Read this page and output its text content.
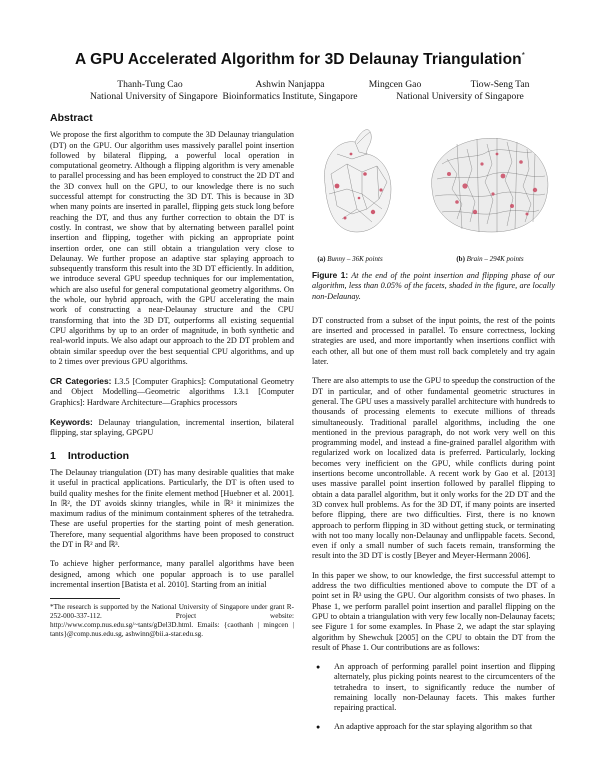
A GPU Accelerated Algorithm for 3D Delaunay Triangulation*
Thanh-Tung Cao
National University of Singapore
Ashwin Nanjappa
Bioinformatics Institute, Singapore
Mingcen Gao	Tiow-Seng Tan
National University of Singapore

Abstract

We propose the first algorithm to compute the 3D Delaunay triangulation (DT) on the GPU. Our algorithm uses massively parallel point insertion followed by bilateral flipping, a powerful local operation in computational geometry. Although a flipping algorithm is very amenable to parallel processing and has been employed to construct the 2D DT and the 3D convex hull on the GPU, to our knowledge there is no such successful attempt for constructing the 3D DT. This is because in 3D when many points are inserted in parallel, flipping gets stuck long before reaching the DT, and thus any further correction to obtain the DT is costly. In contrast, we show that by alternating between parallel point insertion and flipping, together with picking an appropriate point insertion order, one can still obtain a triangulation very close to Delaunay. We further propose an adaptive star splaying approach to subsequently transform this result into the 3D DT efficiently. In addition, we introduce several GPU speedup techniques for our implementation, which are also useful for general computational geometry algorithms. On the whole, our hybrid approach, with the GPU accelerating the main work of constructing a near-Delaunay structure and the CPU transforming that into the 3D DT, outperforms all existing sequential CPU algorithms by up to an order of magnitude, in both synthetic and real-world inputs. We also adapt our approach to the 2D DT problem and obtain similar speedup over the best sequential CPU algorithms, and up to 2 times over previous GPU algorithms.

CR Categories: I.3.5 [Computer Graphics]: Computational Geometry and Object Modelling—Geometric algorithms I.3.1 [Computer Graphics]: Hardware Architecture—Graphics processors

Keywords: Delaunay triangulation, incremental insertion, bilateral flipping, star splaying, GPGPU

1 Introduction

The Delaunay triangulation (DT) has many desirable qualities that make it useful in practical applications. Particularly, the DT is often used to build quality meshes for the finite element method [Huebner et al. 2001]. In ℝ², the DT avoids skinny triangles, while in ℝ³ it minimizes the maximum radius of the minimum containment spheres of the tetrahedra. These are useful properties for the starting point of mesh generation. Therefore, many sequential algorithms have been proposed to construct the DT in ℝ² and ℝ³.

To achieve higher performance, many parallel algorithms have been designed, among which one popular approach is to use parallel incremental insertion [Batista et al. 2010]. Starting from an initial

*The research is supported by the National University of Singapore under grant R-252-000-337-112. Project website: http://www.comp.nus.edu.sg/~tants/gDel3D.html. Emails: {caothanh | mingcen | tants}@comp.nus.edu.sg, ashwinn@bii.a-star.edu.sg.

(a) Bunny – 36K points	(b) Brain – 294K points

Figure 1: At the end of the point insertion and flipping phase of our algorithm, less than 0.05% of the facets, shaded in the figure, are locally non-Delaunay.

DT constructed from a subset of the input points, the rest of the points are inserted and processed in parallel. To ensure correctness, locking strategies are used, and more importantly when insertions conflict with each other, all but one of them must roll back completely and try again later.

There are also attempts to use the GPU to speedup the construction of the DT in particular, and of other fundamental geometric structures in general. The GPU uses a massively parallel architecture with hundreds to thousands of processing elements to execute millions of threads simultaneously. Traditional parallel algorithms, including the one mentioned in the previous paragraph, do not work very well on this programming model, and instead a fine-grained parallel algorithm with regularized work on localized data is preferred. Particularly, locking becomes very inefficient on the GPU, while conflicts during point insertions become uncontrollable. A recent work by Gao et al. [2013] uses massive parallel point insertion followed by parallel flipping to obtain a data parallel algorithm, but it only works for the 2D DT and the 3D convex hull problems. As for the 3D DT, if many points are inserted before flipping, there are two difficulties. First, there is no known approach to perform flipping in 3D without getting stuck, or terminating with not too many locally non-Delaunay and unflippable facets. Second, even if only a small number of such facets remain, transforming the result into the 3D DT is costly [Beyer and Meyer-Hermann 2006].

In this paper we show, to our knowledge, the first successful attempt to address the two difficulties mentioned above to compute the DT of a point set in ℝ³ using the GPU. Our algorithm consists of two phases. In Phase 1, we perform parallel point insertion and parallel flipping on the GPU to obtain a triangulation with very few locally non-Delaunay facets; see Figure 1 for some examples. In Phase 2, we adapt the star splaying algorithm by Shewchuk [2005] on the CPU to obtain the DT from the result of Phase 1. Our contributions are as follows:

● An approach of performing parallel point insertion and flipping alternately, plus picking points nearest to the circumcenters of the tetrahedra to insert, to significantly reduce the number of remaining locally non-Delaunay facets. This makes further repairing practical.
● An adaptive approach for the star splaying algorithm so that
